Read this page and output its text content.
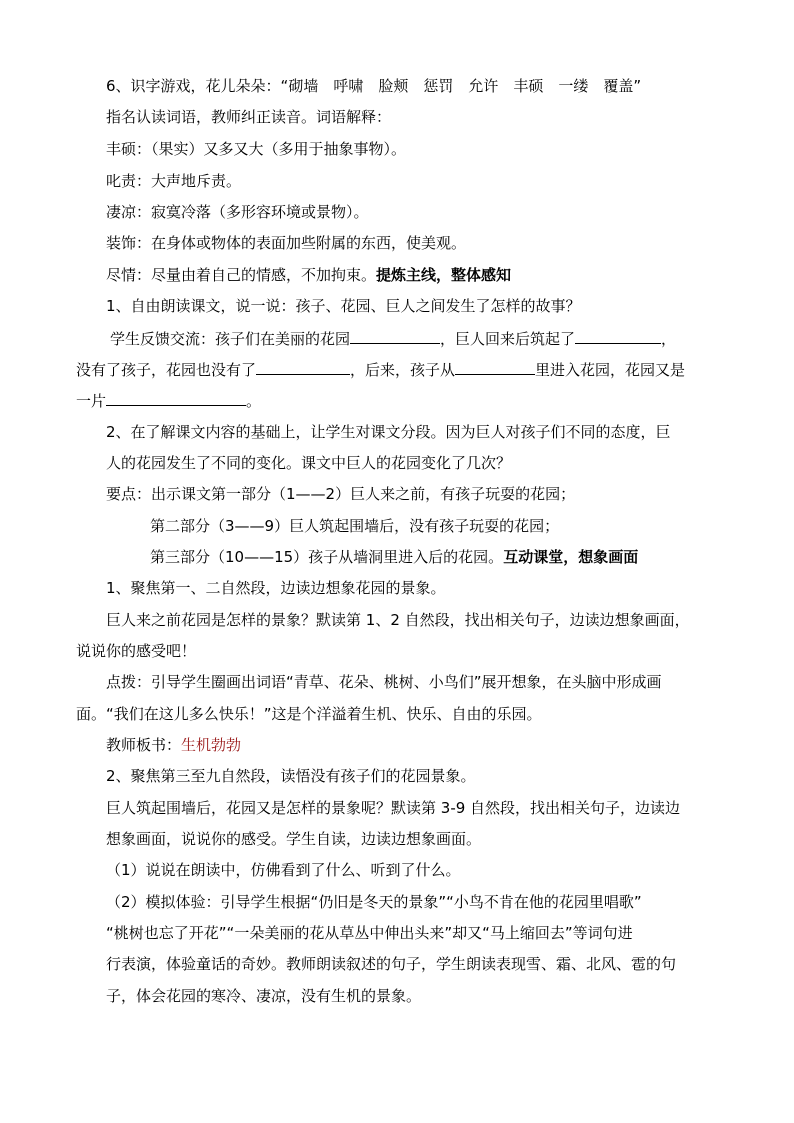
6、识字游戏，花儿朵朵：“砌墙　呼啸　脸颊　惩罚　允许　丰硕　一缕　覆盖”

指名认读词语，教师纠正读音。词语解释：

丰硕：（果实）又多又大（多用于抽象事物）。

叱责：大声地斥责。

凄凉：寂寞冷落（多形容环境或景物）。

装饰：在身体或物体的表面加些附属的东西，使美观。

尽情：尽量由着自己的情感，不加拘束。提炼主线，整体感知

1、自由朗读课文，说一说：孩子、花园、巨人之间发生了怎样的故事？

学生反馈交流：孩子们在美丽的花园	，巨人回来后筑起了	，

没有了孩子，花园也没有了	，后来，孩子从	里进入花园，花园又是

一片	。

2、在了解课文内容的基础上，让学生对课文分段。因为巨人对孩子们不同的态度，巨

人的花园发生了不同的变化。课文中巨人的花园变化了几次？

要点：出示课文第一部分（1——2）巨人来之前，有孩子玩耍的花园；

第二部分（3——9）巨人筑起围墙后，没有孩子玩耍的花园；

第三部分（10——15）孩子从墙洞里进入后的花园。互动课堂，想象画面

1、聚焦第一、二自然段，边读边想象花园的景象。

巨人来之前花园是怎样的景象？默读第 1、2 自然段，找出相关句子，边读边想象画面，

说说你的感受吧！

点拨：引导学生圈画出词语“青草、花朵、桃树、小鸟们”展开想象，在头脑中形成画

面。“我们在这儿多么快乐！”这是个洋溢着生机、快乐、自由的乐园。

教师板书：生机勃勃

2、聚焦第三至九自然段，读悟没有孩子们的花园景象。

巨人筑起围墙后，花园又是怎样的景象呢？默读第 3-9 自然段，找出相关句子，边读边

想象画面，说说你的感受。学生自读，边读边想象画面。

（1）说说在朗读中，仿佛看到了什么、听到了什么。

（2）模拟体验：引导学生根据“仍旧是冬天的景象”“小鸟不肯在他的花园里唱歌”

“桃树也忘了开花”“一朵美丽的花从草丛中伸出头来”却又“马上缩回去”等词句进

行表演，体验童话的奇妙。教师朗读叙述的句子，学生朗读表现雪、霜、北风、雹的句

子，体会花园的寒冷、凄凉，没有生机的景象。
